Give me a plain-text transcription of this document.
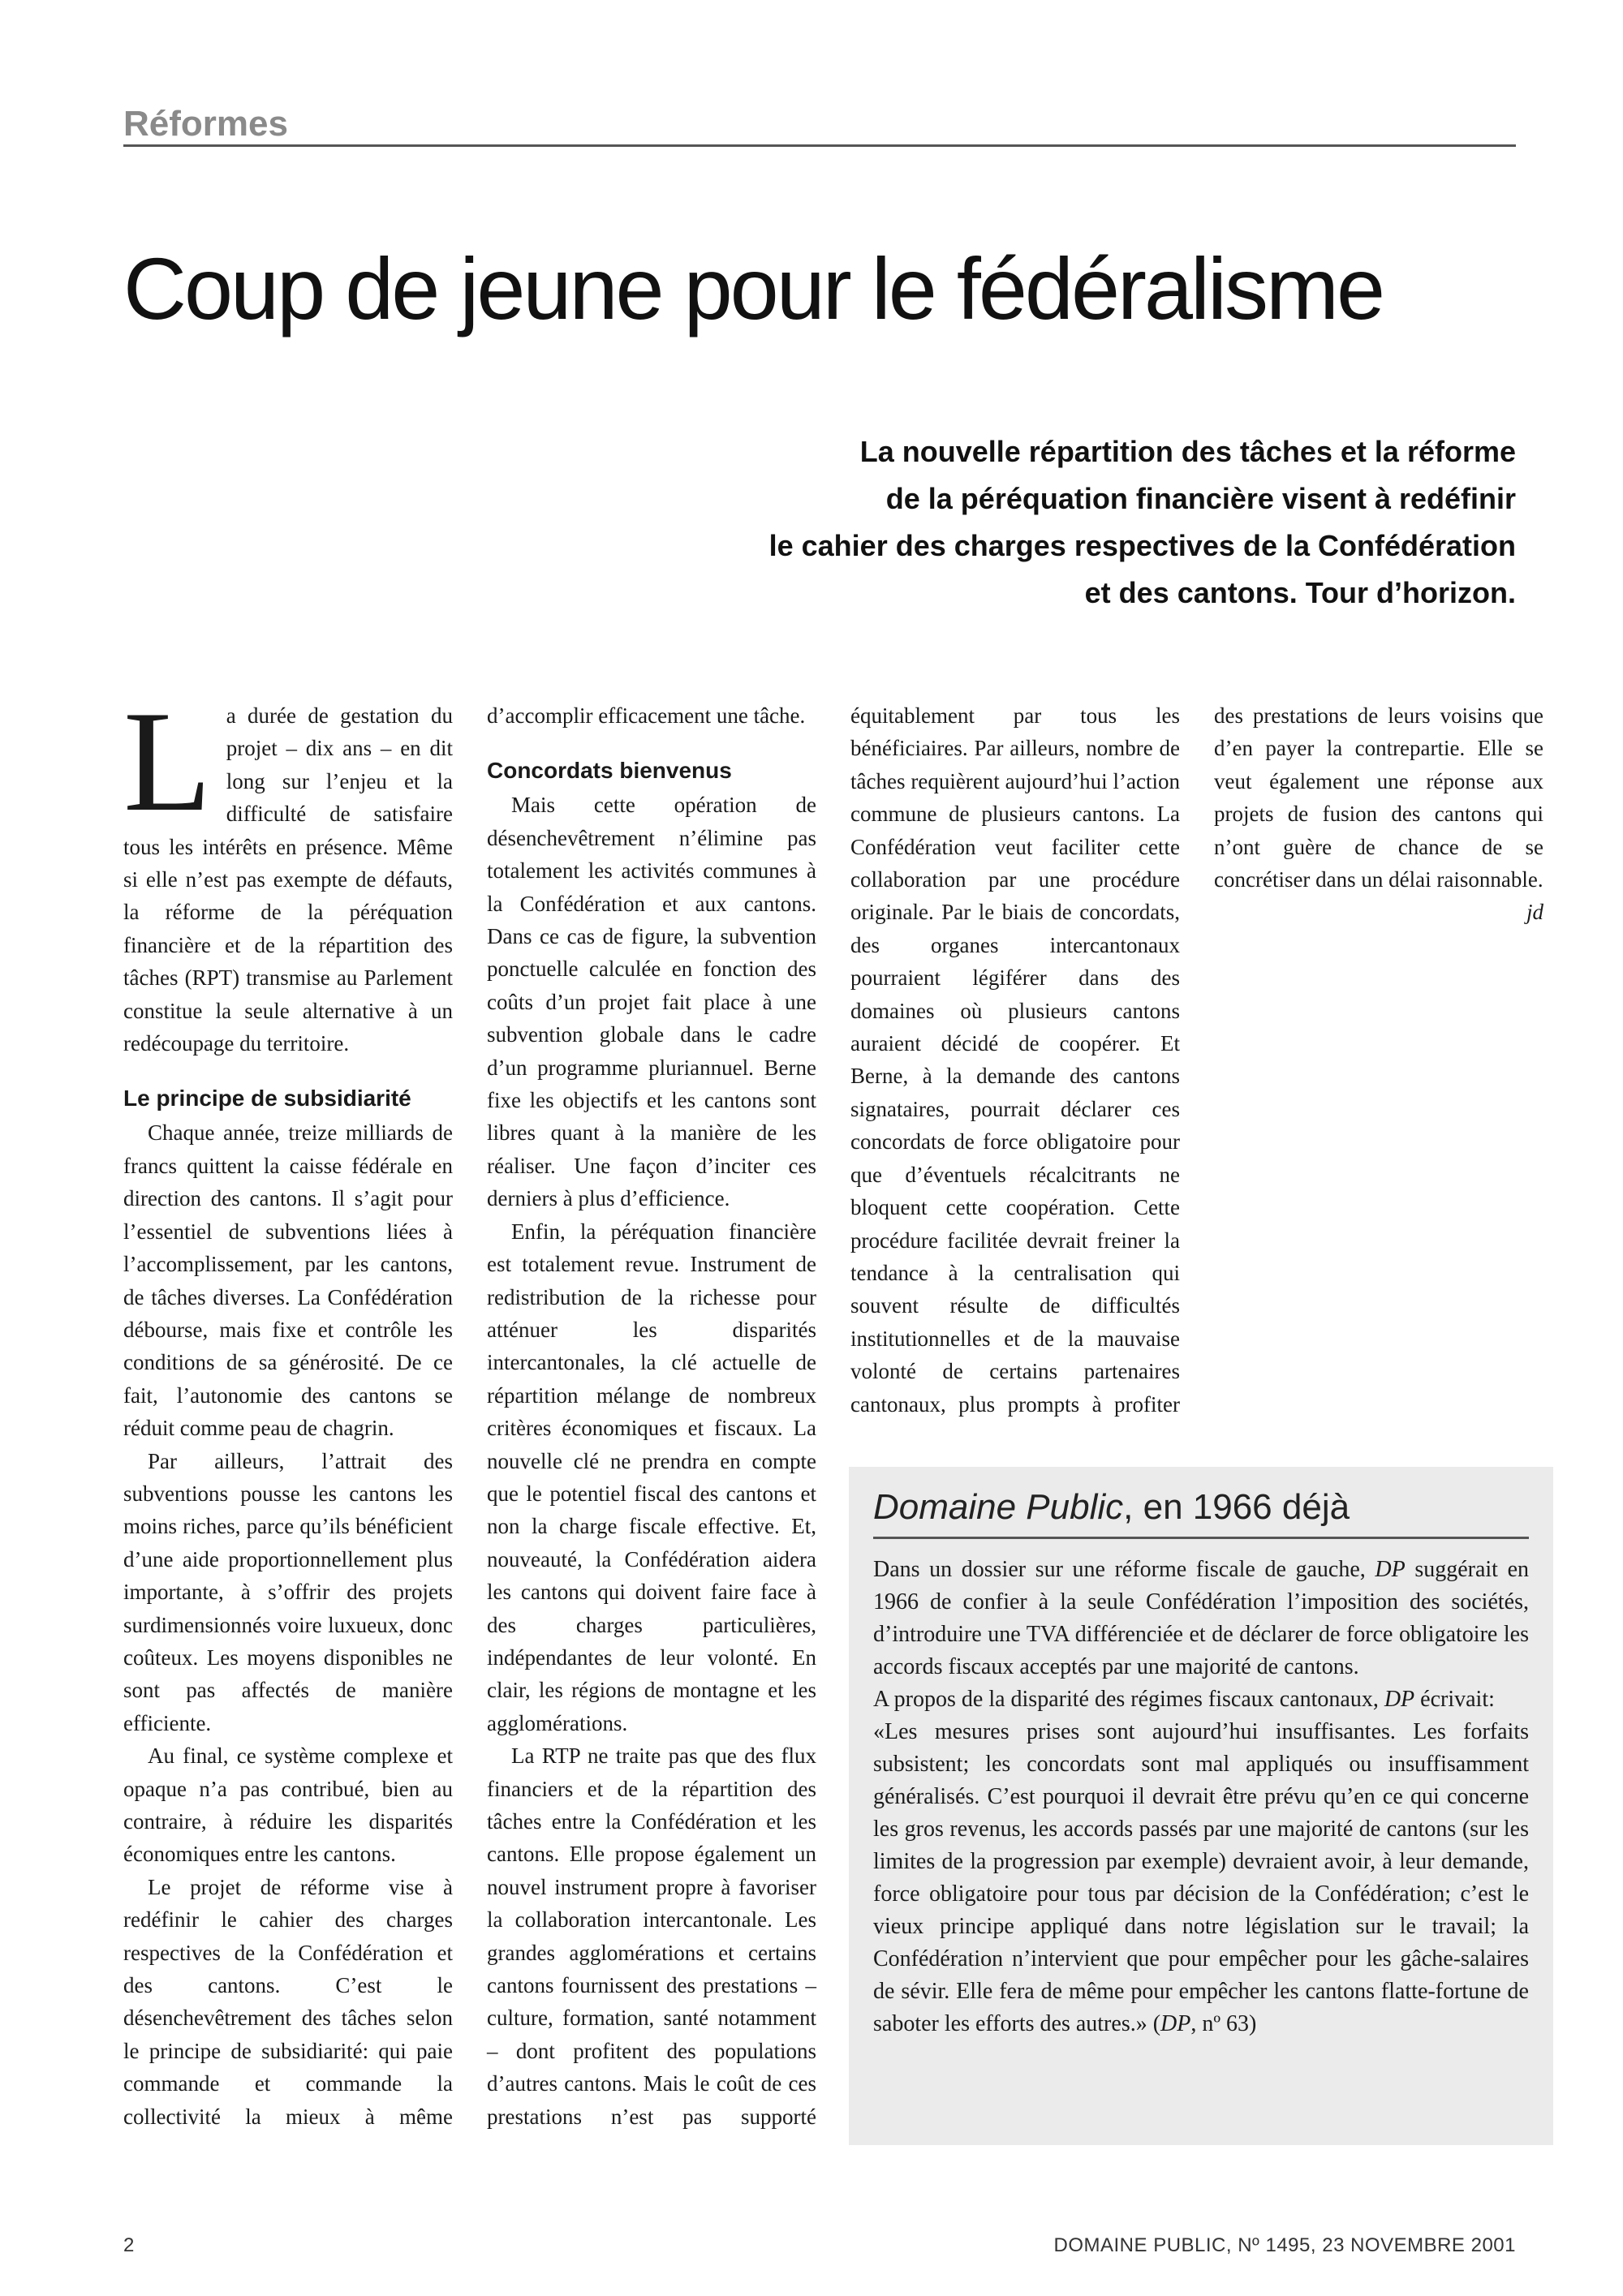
Réformes
Coup de jeune pour le fédéralisme
La nouvelle répartition des tâches et la réforme
de la péréquation financière visent à redéfinir
le cahier des charges respectives de la Confédération
et des cantons. Tour d’horizon.

La durée de gestation du projet – dix ans – en dit long sur l’enjeu et la difficulté de satisfaire tous les intérêts en présence. Même si elle n’est pas exempte de défauts, la réforme de la péréquation financière et de la répartition des tâches (RPT) transmise au Parlement constitue la seule alternative à un redécoupage du territoire.

Le principe de subsidiarité

Chaque année, treize milliards de francs quittent la caisse fédérale en direction des cantons. Il s’agit pour l’essentiel de subventions liées à l’accomplissement, par les cantons, de tâches diverses. La Confédération débourse, mais fixe et contrôle les conditions de sa générosité. De ce fait, l’autonomie des cantons se réduit comme peau de chagrin.

Par ailleurs, l’attrait des subventions pousse les cantons les moins riches, parce qu’ils bénéficient d’une aide proportionnellement plus importante, à s’offrir des projets surdimensionnés voire luxueux, donc coûteux. Les moyens disponibles ne sont pas affectés de manière efficiente.

Au final, ce système complexe et opaque n’a pas contribué, bien au contraire, à réduire les disparités économiques entre les cantons.

Le projet de réforme vise à redéfinir le cahier des charges respectives de la Confédération et des cantons. C’est le désenchevêtrement des tâches selon le principe de subsidiarité: qui paie commande et commande la collectivité la mieux à même

d’accomplir efficacement une tâche.

Concordats bienvenus

Mais cette opération de désenchevêtrement n’élimine pas totalement les activités communes à la Confédération et aux cantons. Dans ce cas de figure, la subvention ponctuelle calculée en fonction des coûts d’un projet fait place à une subvention globale dans le cadre d’un programme pluriannuel. Berne fixe les objectifs et les cantons sont libres quant à la manière de les réaliser. Une façon d’inciter ces derniers à plus d’efficience.

Enfin, la péréquation financière est totalement revue. Instrument de redistribution de la richesse pour atténuer les disparités intercantonales, la clé actuelle de répartition mélange de nombreux critères économiques et fiscaux. La nouvelle clé ne prendra en compte que le potentiel fiscal des cantons et non la charge fiscale effective. Et, nouveauté, la Confédération aidera les cantons qui doivent faire face à des charges particulières, indépendantes de leur volonté. En clair, les régions de montagne et les agglomérations.

La RTP ne traite pas que des flux financiers et de la répartition des tâches entre la Confédération et les cantons. Elle propose également un nouvel instrument propre à favoriser la collaboration intercantonale. Les grandes agglomérations et certains cantons fournissent des prestations – culture, formation, santé notamment – dont profitent des populations d’autres cantons. Mais le coût de ces prestations n’est pas supporté

équitablement par tous les bénéficiaires. Par ailleurs, nombre de tâches requièrent aujourd’hui l’action commune de plusieurs cantons. La Confédération veut faciliter cette collaboration par une procédure originale. Par le biais de concordats, des organes intercantonaux pourraient légiférer dans des domaines où plusieurs cantons auraient décidé de coopérer. Et Berne, à la demande des cantons signataires, pourrait déclarer ces concordats de force obligatoire pour que d’éventuels récalcitrants ne bloquent cette coopération. Cette procédure facilitée devrait freiner la tendance à la centralisation qui souvent résulte de difficultés institutionnelles et de la mauvaise volonté de certains partenaires cantonaux, plus prompts à profiter

des prestations de leurs voisins que d’en payer la contrepartie. Elle se veut également une réponse aux projets de fusion des cantons qui n’ont guère de chance de se concrétiser dans un délai raisonnable.
jd

Domaine Public, en 1966 déjà

Dans un dossier sur une réforme fiscale de gauche, DP suggérait en 1966 de confier à la seule Confédération l’imposition des sociétés, d’introduire une TVA différenciée et de déclarer de force obligatoire les accords fiscaux acceptés par une majorité de cantons.

A propos de la disparité des régimes fiscaux cantonaux, DP écrivait:

«Les mesures prises sont aujourd’hui insuffisantes. Les forfaits subsistent; les concordats sont mal appliqués ou insuffisamment généralisés. C’est pourquoi il devrait être prévu qu’en ce qui concerne les gros revenus, les accords passés par une majorité de cantons (sur les limites de la progression par exemple) devraient avoir, à leur demande, force obligatoire pour tous par décision de la Confédération; c’est le vieux principe appliqué dans notre législation sur le travail; la Confédération n’intervient que pour empêcher pour les gâche-salaires de sévir. Elle fera de même pour empêcher les cantons flatte-fortune de saboter les efforts des autres.» (DP, nº 63)

2	DOMAINE PUBLIC, Nº 1495, 23 NOVEMBRE 2001
